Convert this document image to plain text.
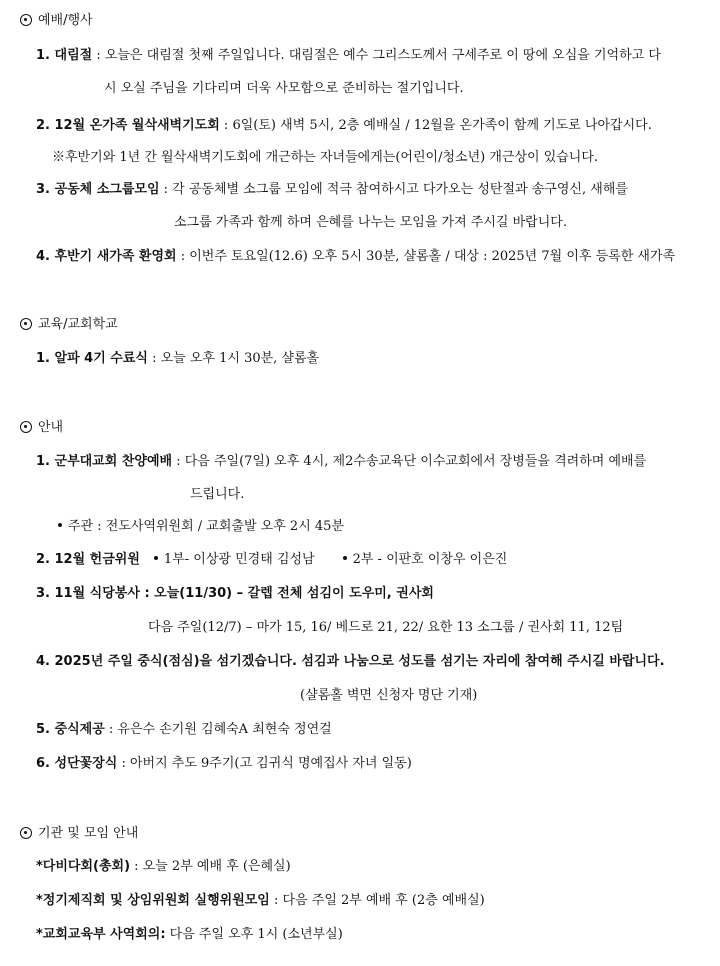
예배/행사
1. 대림절 : 오늘은 대림절 첫째 주일입니다. 대림절은 예수 그리스도께서 구세주로 이 땅에 오심을 기억하고 다
시 오실 주님을 기다리며 더욱 사모함으로 준비하는 절기입니다.
2. 12월 온가족 월삭새벽기도회 : 6일(토) 새벽 5시, 2층 예배실 / 12월을 온가족이 함께 기도로 나아갑시다.
※후반기와 1년 간 월삭새벽기도회에 개근하는 자녀들에게는(어린이/청소년) 개근상이 있습니다.
3. 공동체 소그룹모임 : 각 공동체별 소그룹 모임에 적극 참여하시고 다가오는 성탄절과 송구영신, 새해를
소그룹 가족과 함께 하며 은혜를 나누는 모임을 가져 주시길 바랍니다.
4. 후반기 새가족 환영회 : 이번주 토요일(12.6) 오후 5시 30분, 샬롬홀 / 대상 : 2025년 7월 이후 등록한 새가족
교육/교회학교
1. 알파 4기 수료식 : 오늘 오후 1시 30분, 샬롬홀
안내
1. 군부대교회 찬양예배 : 다음 주일(7일) 오후 4시, 제2수송교육단 이수교회에서 장병들을 격려하며 예배를
드립니다.
주관 : 전도사역위원회 / 교회출발 오후 2시 45분
2. 12월 헌금위원 1부- 이상광 민경태 김성남	2부 - 이판호 이창우 이은진
3. 11월 식당봉사 : 오늘(11/30) – 갈렙 전체 섬김이 도우미, 권사회
다음 주일(12/7) – 마가 15, 16/ 베드로 21, 22/ 요한 13 소그룹 / 권사회 11, 12팀
4. 2025년 주일 중식(점심)을 섬기겠습니다. 섬김과 나눔으로 성도를 섬기는 자리에 참여해 주시길 바랍니다.
(샬롬홀 벽면 신청자 명단 기재)
5. 중식제공 : 유은수 손기원 김혜숙A 최현숙 정연걸
6. 성단꽃장식 : 아버지 추도 9주기(고 김귀식 명예집사 자녀 일동)
기관 및 모임 안내
*다비다회(총회) : 오늘 2부 예배 후 (은혜실)
*정기제직회 및 상임위원회 실행위원모임 : 다음 주일 2부 예배 후 (2층 예배실)
*교회교육부 사역회의: 다음 주일 오후 1시 (소년부실)
